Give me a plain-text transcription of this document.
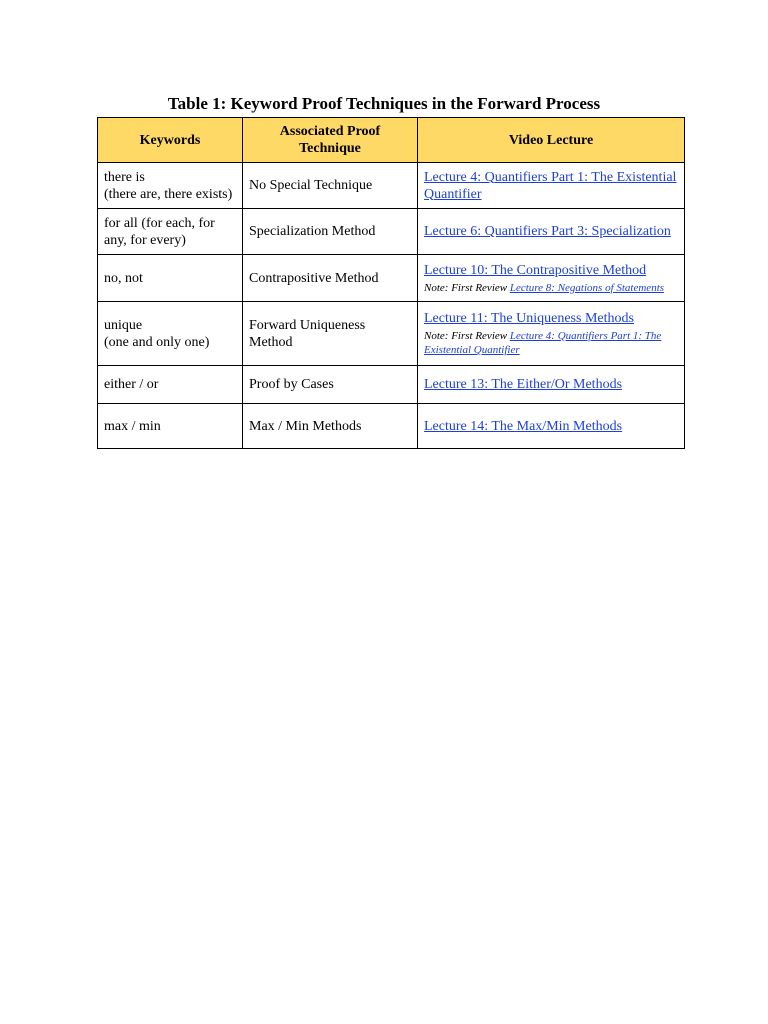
Table 1: Keyword Proof Techniques in the Forward Process
Keywords	Associated Proof Technique	Video Lecture

there is
(there are, there exists)	No Special Technique	Lecture 4: Quantifiers Part 1: The Existential Quantifier

for all (for each, for any, for every)	Specialization Method	Lecture 6: Quantifiers Part 3: Specialization

no, not	Contrapositive Method	Lecture 10: The Contrapositive Method
Note: First Review Lecture 8: Negations of Statements

unique
(one and only one)	Forward Uniqueness Method	Lecture 11: The Uniqueness Methods
Note: First Review Lecture 4: Quantifiers Part 1: The Existential Quantifier

either / or	Proof by Cases	Lecture 13: The Either/Or Methods

max / min	Max / Min Methods	Lecture 14: The Max/Min Methods
